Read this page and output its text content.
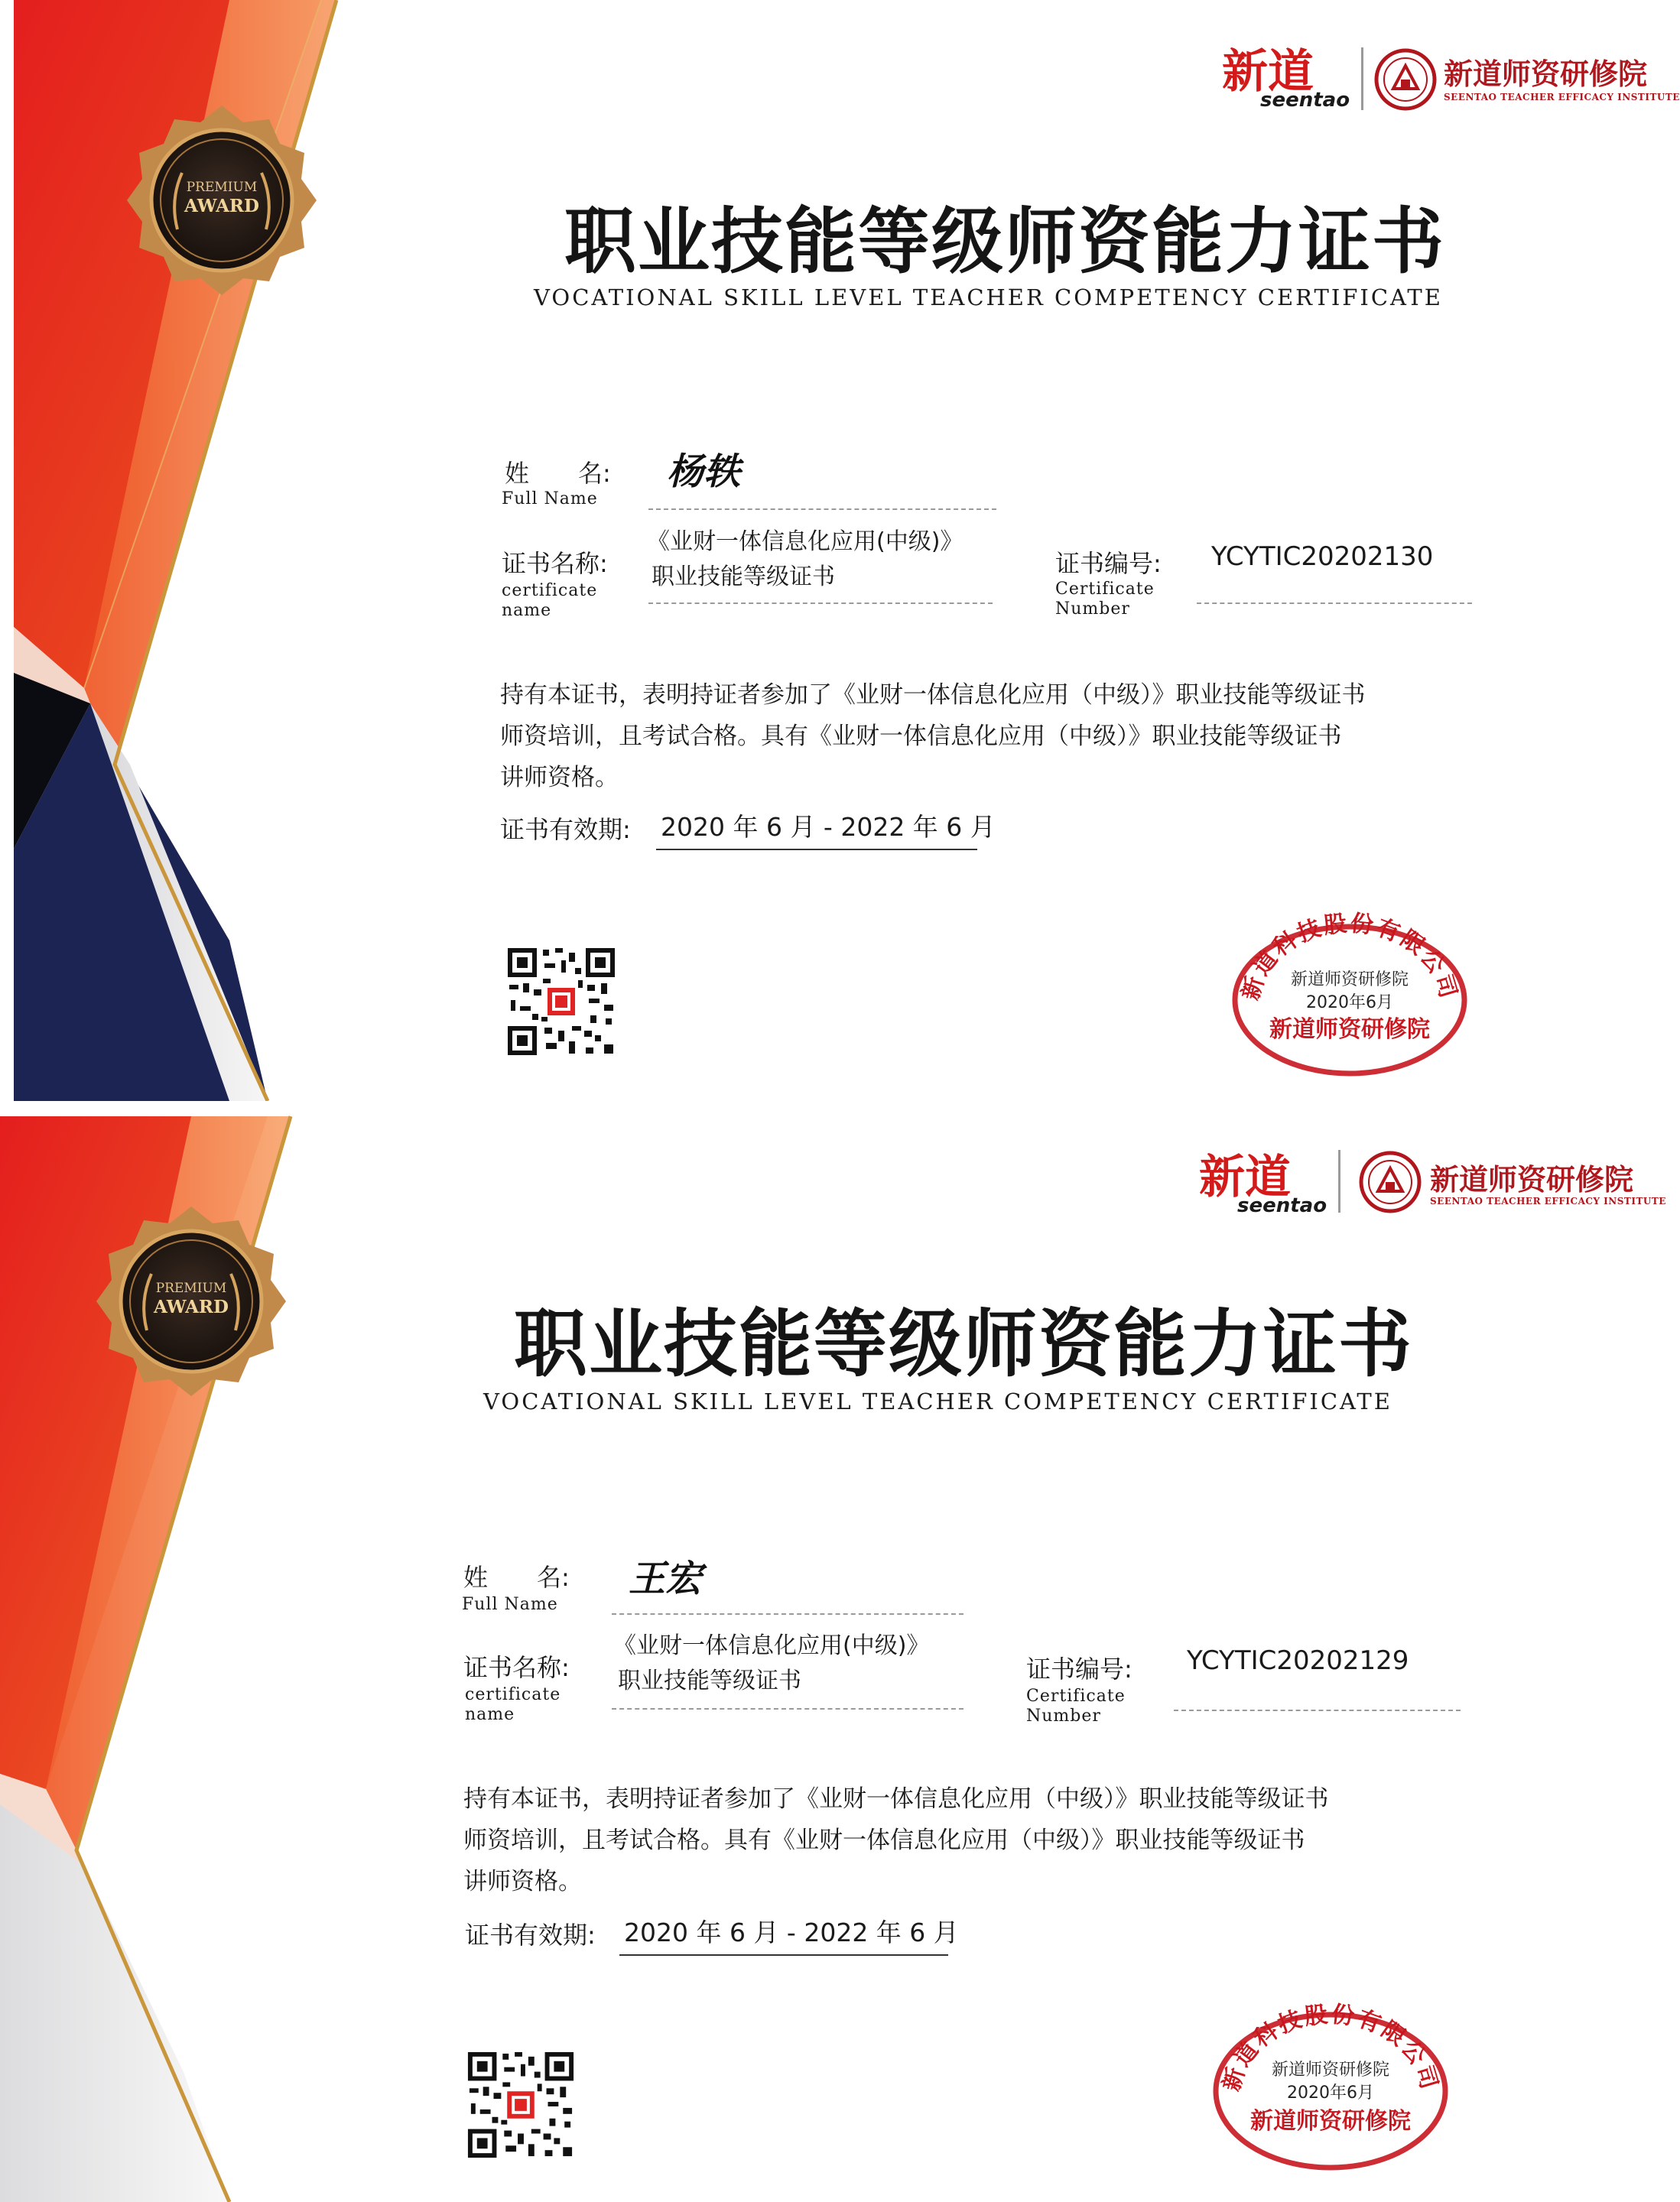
PREMIUM
AWARD
新道
seentao
新道师资研修院
SEENTAO TEACHER EFFICACY INSTITUTE
职业技能等级师资能力证书
VOCATIONAL SKILL LEVEL TEACHER COMPETENCY CERTIFICATE
姓　　名:
Full Name
杨轶
证书名称:
certificate
name
《业财一体信息化应用(中级)》
职业技能等级证书	证书编号:
Certificate
Number
YCYTIC20202130
持有本证书，表明持证者参加了《业财一体信息化应用（中级）》职业技能等级证书
师资培训，且考试合格。具有《业财一体信息化应用（中级）》职业技能等级证书
讲师资格。
证书有效期: 2020 年 6 月 - 2022 年 6 月
新道科技股份有限公司
新道师资研修院
2020年6月
新道师资研修院
PREMIUM
AWARD
新道
seentao
新道师资研修院
SEENTAO TEACHER EFFICACY INSTITUTE
职业技能等级师资能力证书
VOCATIONAL SKILL LEVEL TEACHER COMPETENCY CERTIFICATE
姓　　名:
Full Name
王宏
证书名称:
certificate
name
《业财一体信息化应用(中级)》
职业技能等级证书	证书编号:
Certificate
Number
YCYTIC20202129
持有本证书，表明持证者参加了《业财一体信息化应用（中级）》职业技能等级证书
师资培训，且考试合格。具有《业财一体信息化应用（中级）》职业技能等级证书
讲师资格。
证书有效期: 2020 年 6 月 - 2022 年 6 月
新道科技股份有限公司
新道师资研修院
2020年6月
新道师资研修院
